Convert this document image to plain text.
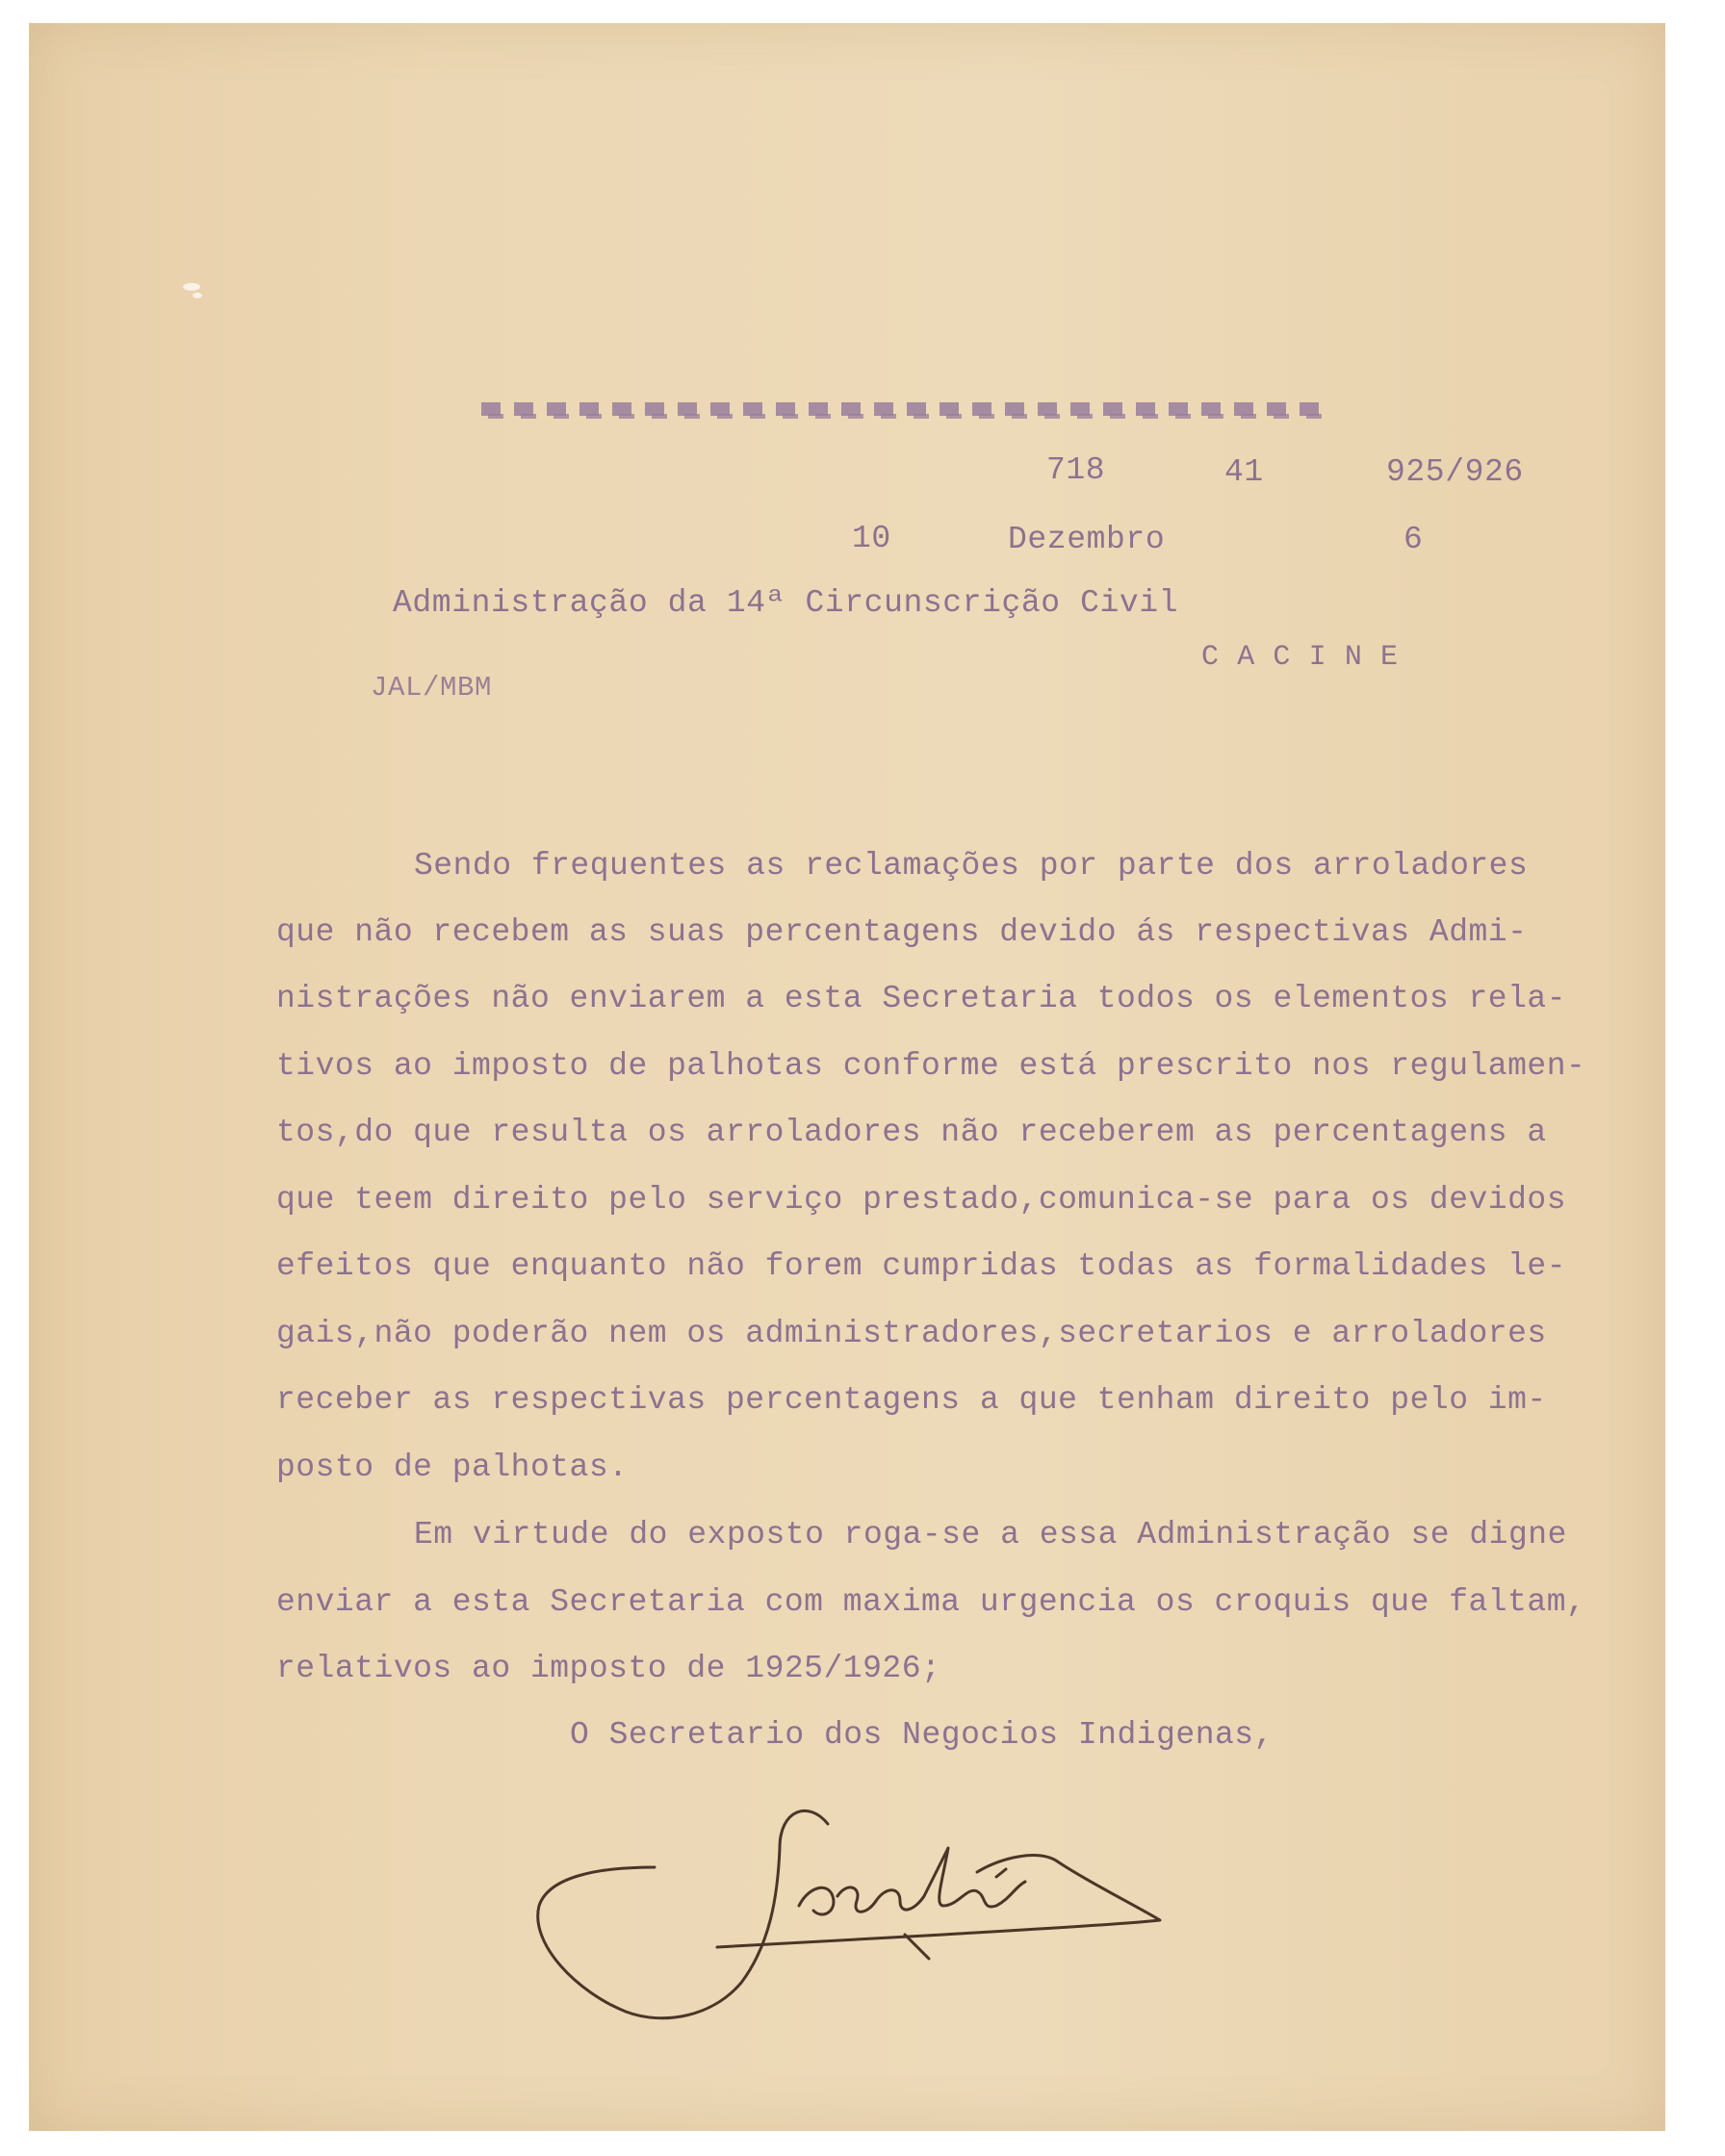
718	41	925/926
10	Dezembro	6
Administração da 14ª Circunscrição Civil
C A C I N E
JAL/MBM
Sendo frequentes as reclamações por parte dos arroladores
que não recebem as suas percentagens devido ás respectivas Admi-
nistrações não enviarem a esta Secretaria todos os elementos rela-
tivos ao imposto de palhotas conforme está prescrito nos regulamen-
tos,do que resulta os arroladores não receberem as percentagens a
que teem direito pelo serviço prestado,comunica-se para os devidos
efeitos que enquanto não forem cumpridas todas as formalidades le-
gais,não poderão nem os administradores,secretarios e arroladores
receber as respectivas percentagens a que tenham direito pelo im-
posto de palhotas.
Em virtude do exposto roga-se a essa Administração se digne
enviar a esta Secretaria com maxima urgencia os croquis que faltam,
relativos ao imposto de 1925/1926;
O Secretario dos Negocios Indigenas,
